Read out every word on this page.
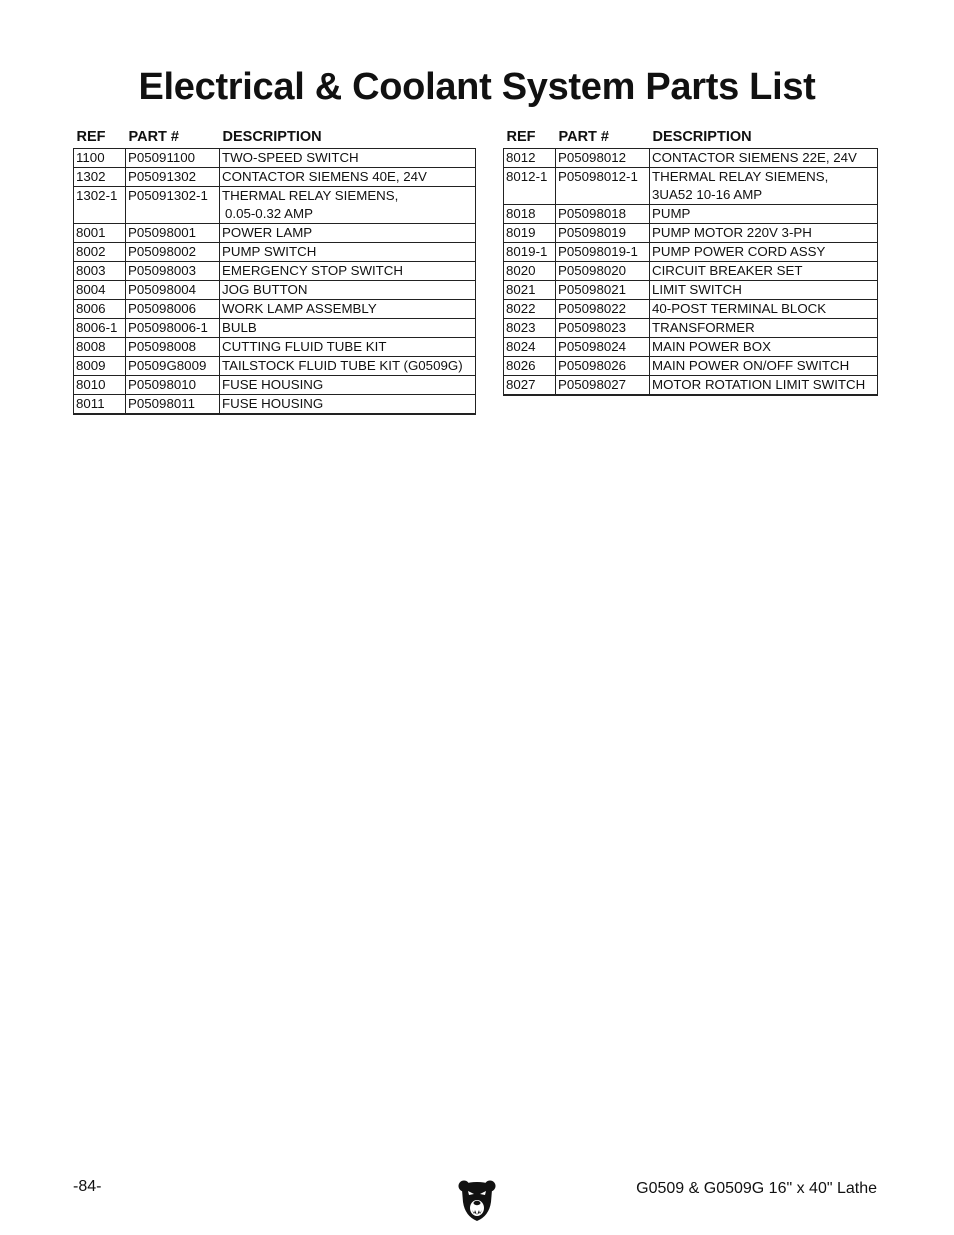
Electrical & Coolant System Parts List
REF	PART #	DESCRIPTION
1100	P05091100	TWO-SPEED SWITCH
1302	P05091302	CONTACTOR SIEMENS 40E, 24V
1302-1	P05091302-1	THERMAL RELAY SIEMENS,
0.05-0.32 AMP

8001	P05098001	POWER LAMP
8002	P05098002	PUMP SWITCH
8003	P05098003	EMERGENCY STOP SWITCH
8004	P05098004	JOG BUTTON
8006	P05098006	WORK LAMP ASSEMBLY
8006-1	P05098006-1	BULB
8008	P05098008	CUTTING FLUID TUBE KIT
8009	P0509G8009	TAILSTOCK FLUID TUBE KIT (G0509G)
8010	P05098010	FUSE HOUSING
8011	P05098011	FUSE HOUSING
REF	PART #	DESCRIPTION
8012	P05098012	CONTACTOR SIEMENS 22E, 24V
8012-1	P05098012-1	THERMAL RELAY SIEMENS,
3UA52 10-16 AMP

8018	P05098018	PUMP
8019	P05098019	PUMP MOTOR 220V 3-PH
8019-1	P05098019-1	PUMP POWER CORD ASSY
8020	P05098020	CIRCUIT BREAKER SET
8021	P05098021	LIMIT SWITCH
8022	P05098022	40-POST TERMINAL BLOCK
8023	P05098023	TRANSFORMER
8024	P05098024	MAIN POWER BOX
8026	P05098026	MAIN POWER ON/OFF SWITCH
8027	P05098027	MOTOR ROTATION LIMIT SWITCH
-84-	G0509 & G0509G 16" x 40" Lathe
